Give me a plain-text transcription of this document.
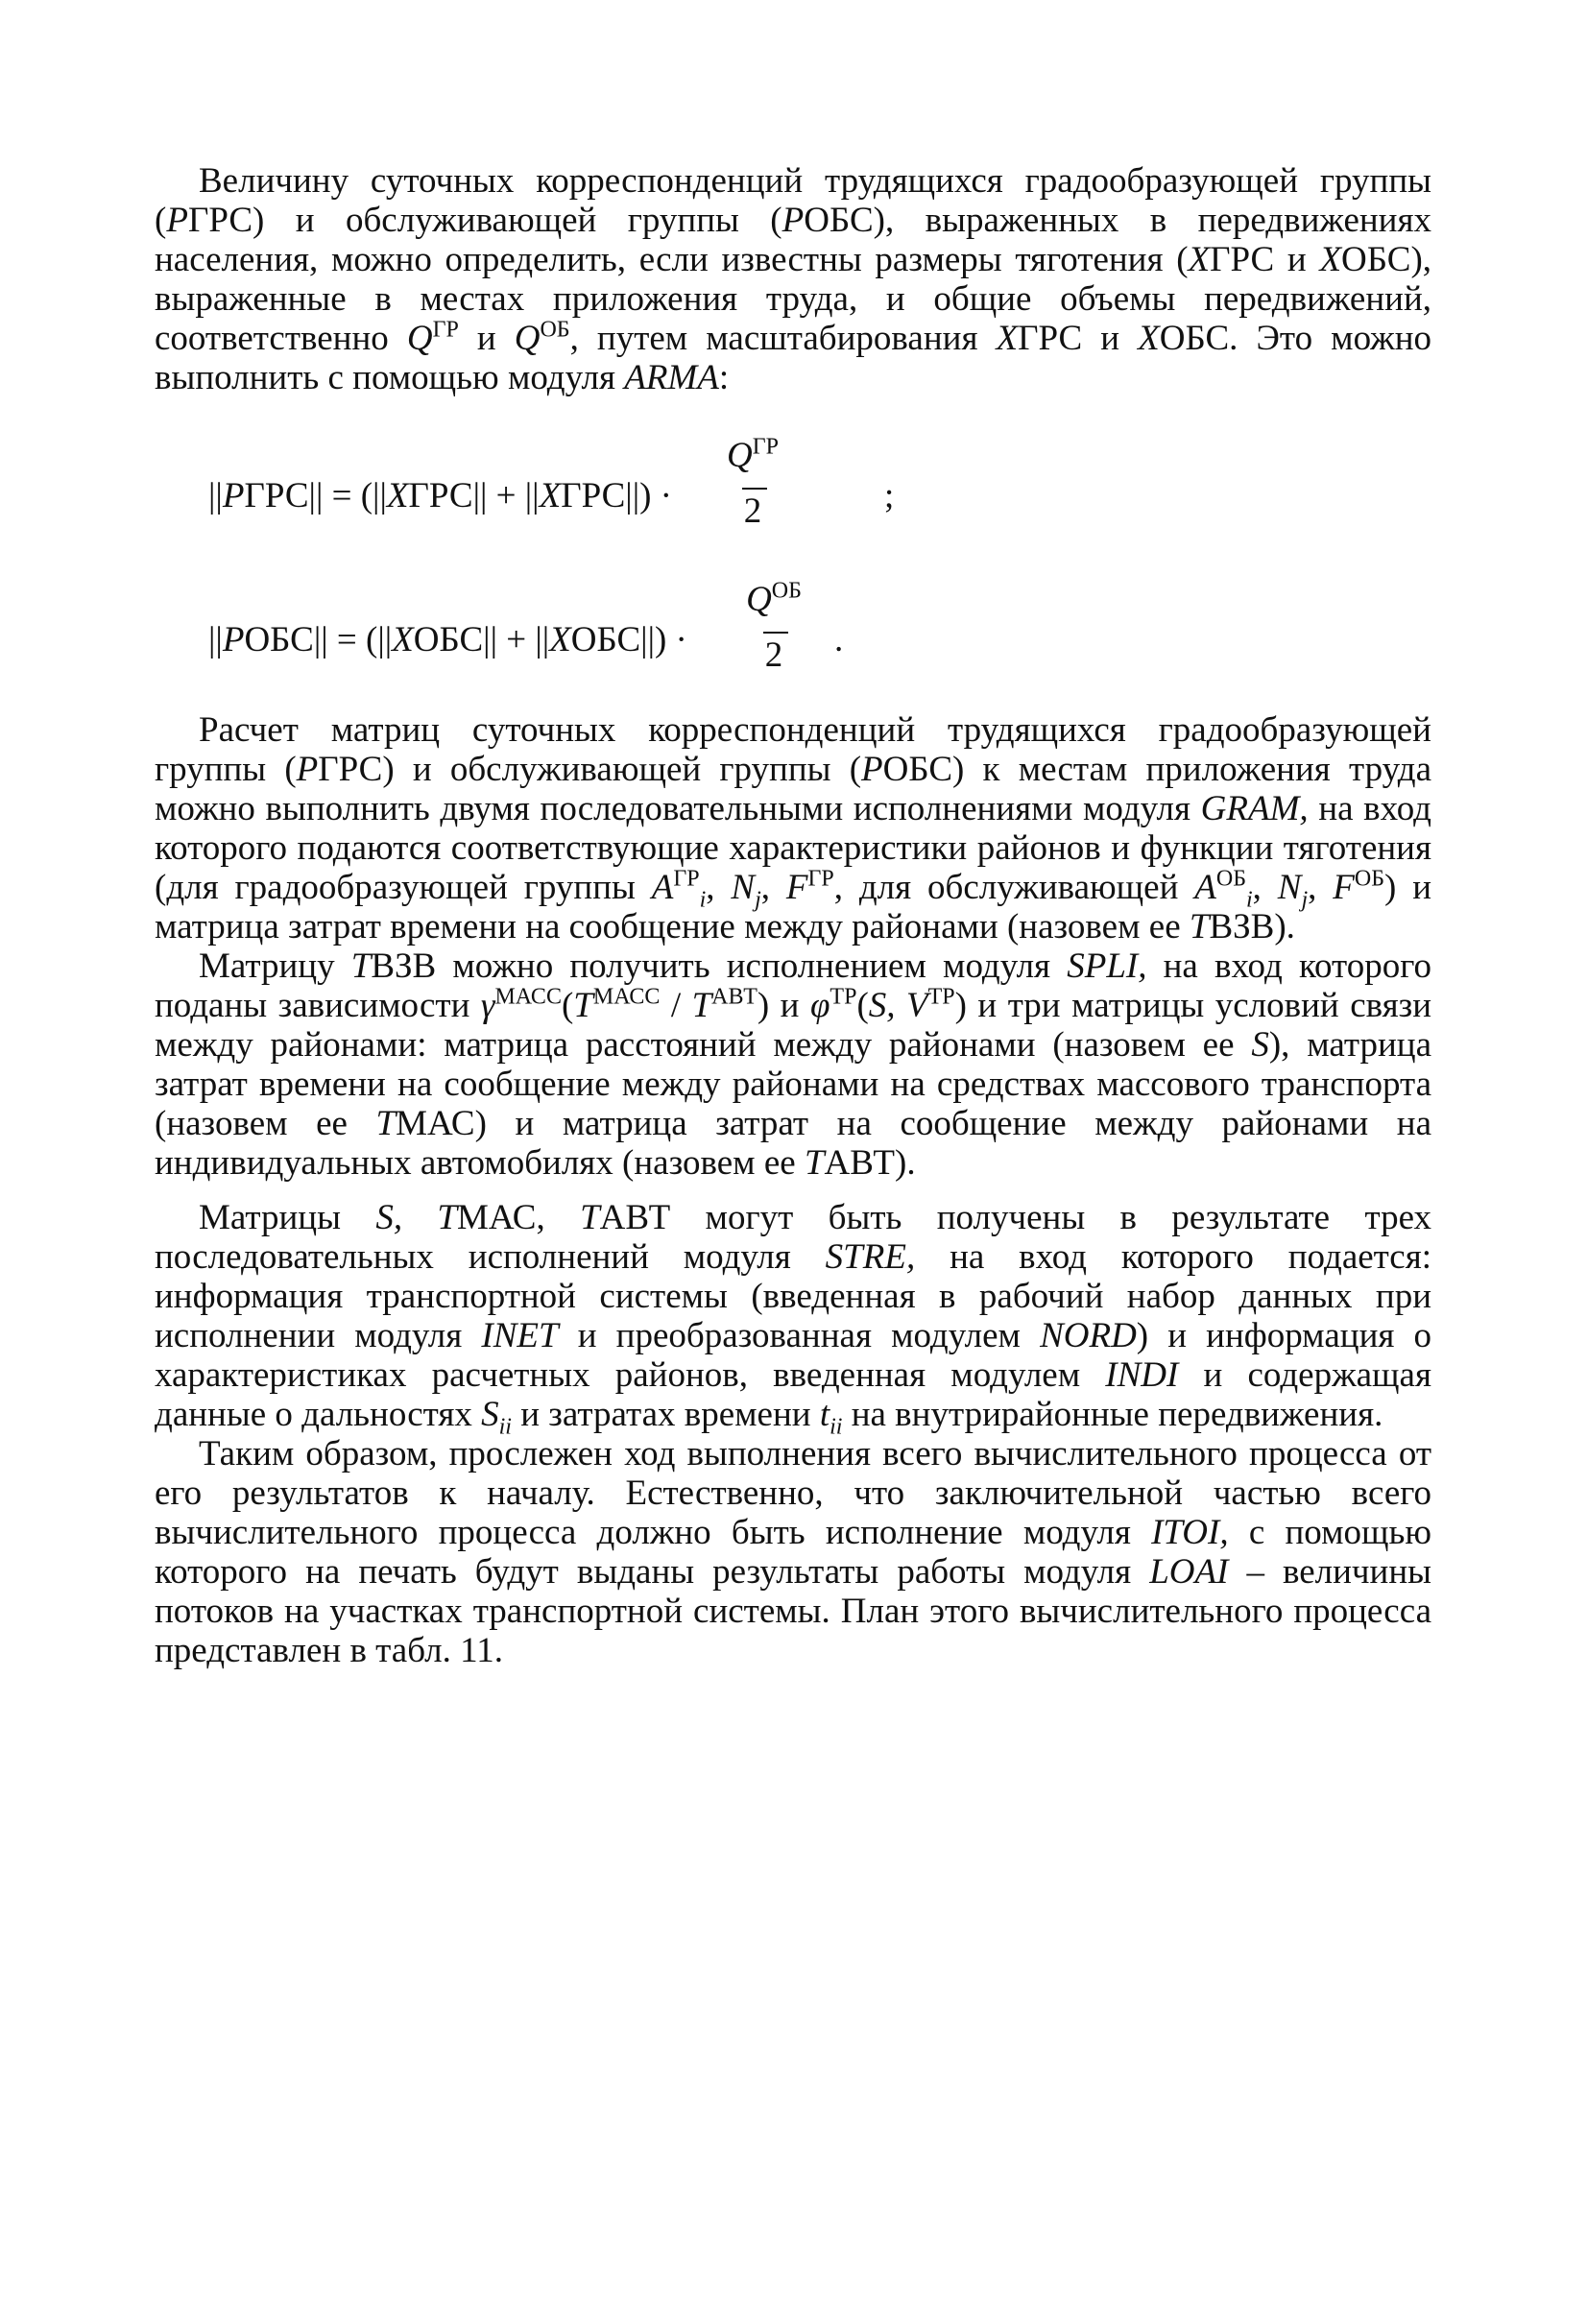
Величину суточных корреспонденций трудящихся градообразующей группы (РГРС) и обслуживающей группы (РОБС), выраженных в передвижениях населения, можно определить, если известны размеры тяготения (ХГРС и ХОБС), выраженные в местах приложения труда, и общие объемы передвижений, соответственно $Q^{ГР}$ и $Q^{ОБ}$, путем масштабирования ХГРС и ХОБС. Это можно выполнить с помощью модуля ARMA:

||РГРС|| = (||ХГРС|| + ||ХГРС||) ·
$Q^{ГР}$
2	;
||РОБС|| = (||ХОБС|| + ||ХОБС||) ·
$Q^{ОБ}$
2	.

Расчет матриц суточных корреспонденций трудящихся градообразующей группы (РГРС) и обслуживающей группы (РОБС) к местам приложения труда можно выполнить двумя последовательными исполнениями модуля GRAM, на вход которого подаются соответствующие характеристики районов и функции тяготения (для градообразующей группы $A^{ГР}_i$, $N_j$, $F^{ГР}$, для обслуживающей $A^{ОБ}_i$, $N_j$, $F^{ОБ}$) и матрица затрат времени на сообщение между районами (назовем ее ТВЗВ).

Матрицу ТВЗВ можно получить исполнением модуля SPLI, на вход которого поданы зависимости $\gamma^{МАСС}(Т^{МАСС} / Т^{АВТ})$ и $\varphi^{ТР}(S$, $V^{ТР}$) и три матрицы условий связи между районами: матрица расстояний между районами (назовем ее S), матрица затрат времени на сообщение между районами на средствах массового транспорта (назовем ее ТМАС) и матрица затрат на сообщение между районами на индивидуальных автомобилях (назовем ее ТАВТ).

Матрицы S, ТМАС, ТАВТ могут быть получены в результате трех последовательных исполнений модуля STRE, на вход которого подается: информация транспортной системы (введенная в рабочий набор данных при исполнении модуля INET и преобразованная модулем NORD) и информация о характеристиках расчетных районов, введенная модулем INDI и содержащая данные о дальностях $S_{ii}$ и затратах времени $t_{ii}$ на внутрирайонные передвижения.

Таким образом, прослежен ход выполнения всего вычислительного процесса от его результатов к началу. Естественно, что заключительной частью всего вычислительного процесса должно быть исполнение модуля ITOI, с помощью которого на печать будут выданы результаты работы модуля LOAI – величины потоков на участках транспортной системы. План этого вычислительного процесса представлен в табл. 11.
